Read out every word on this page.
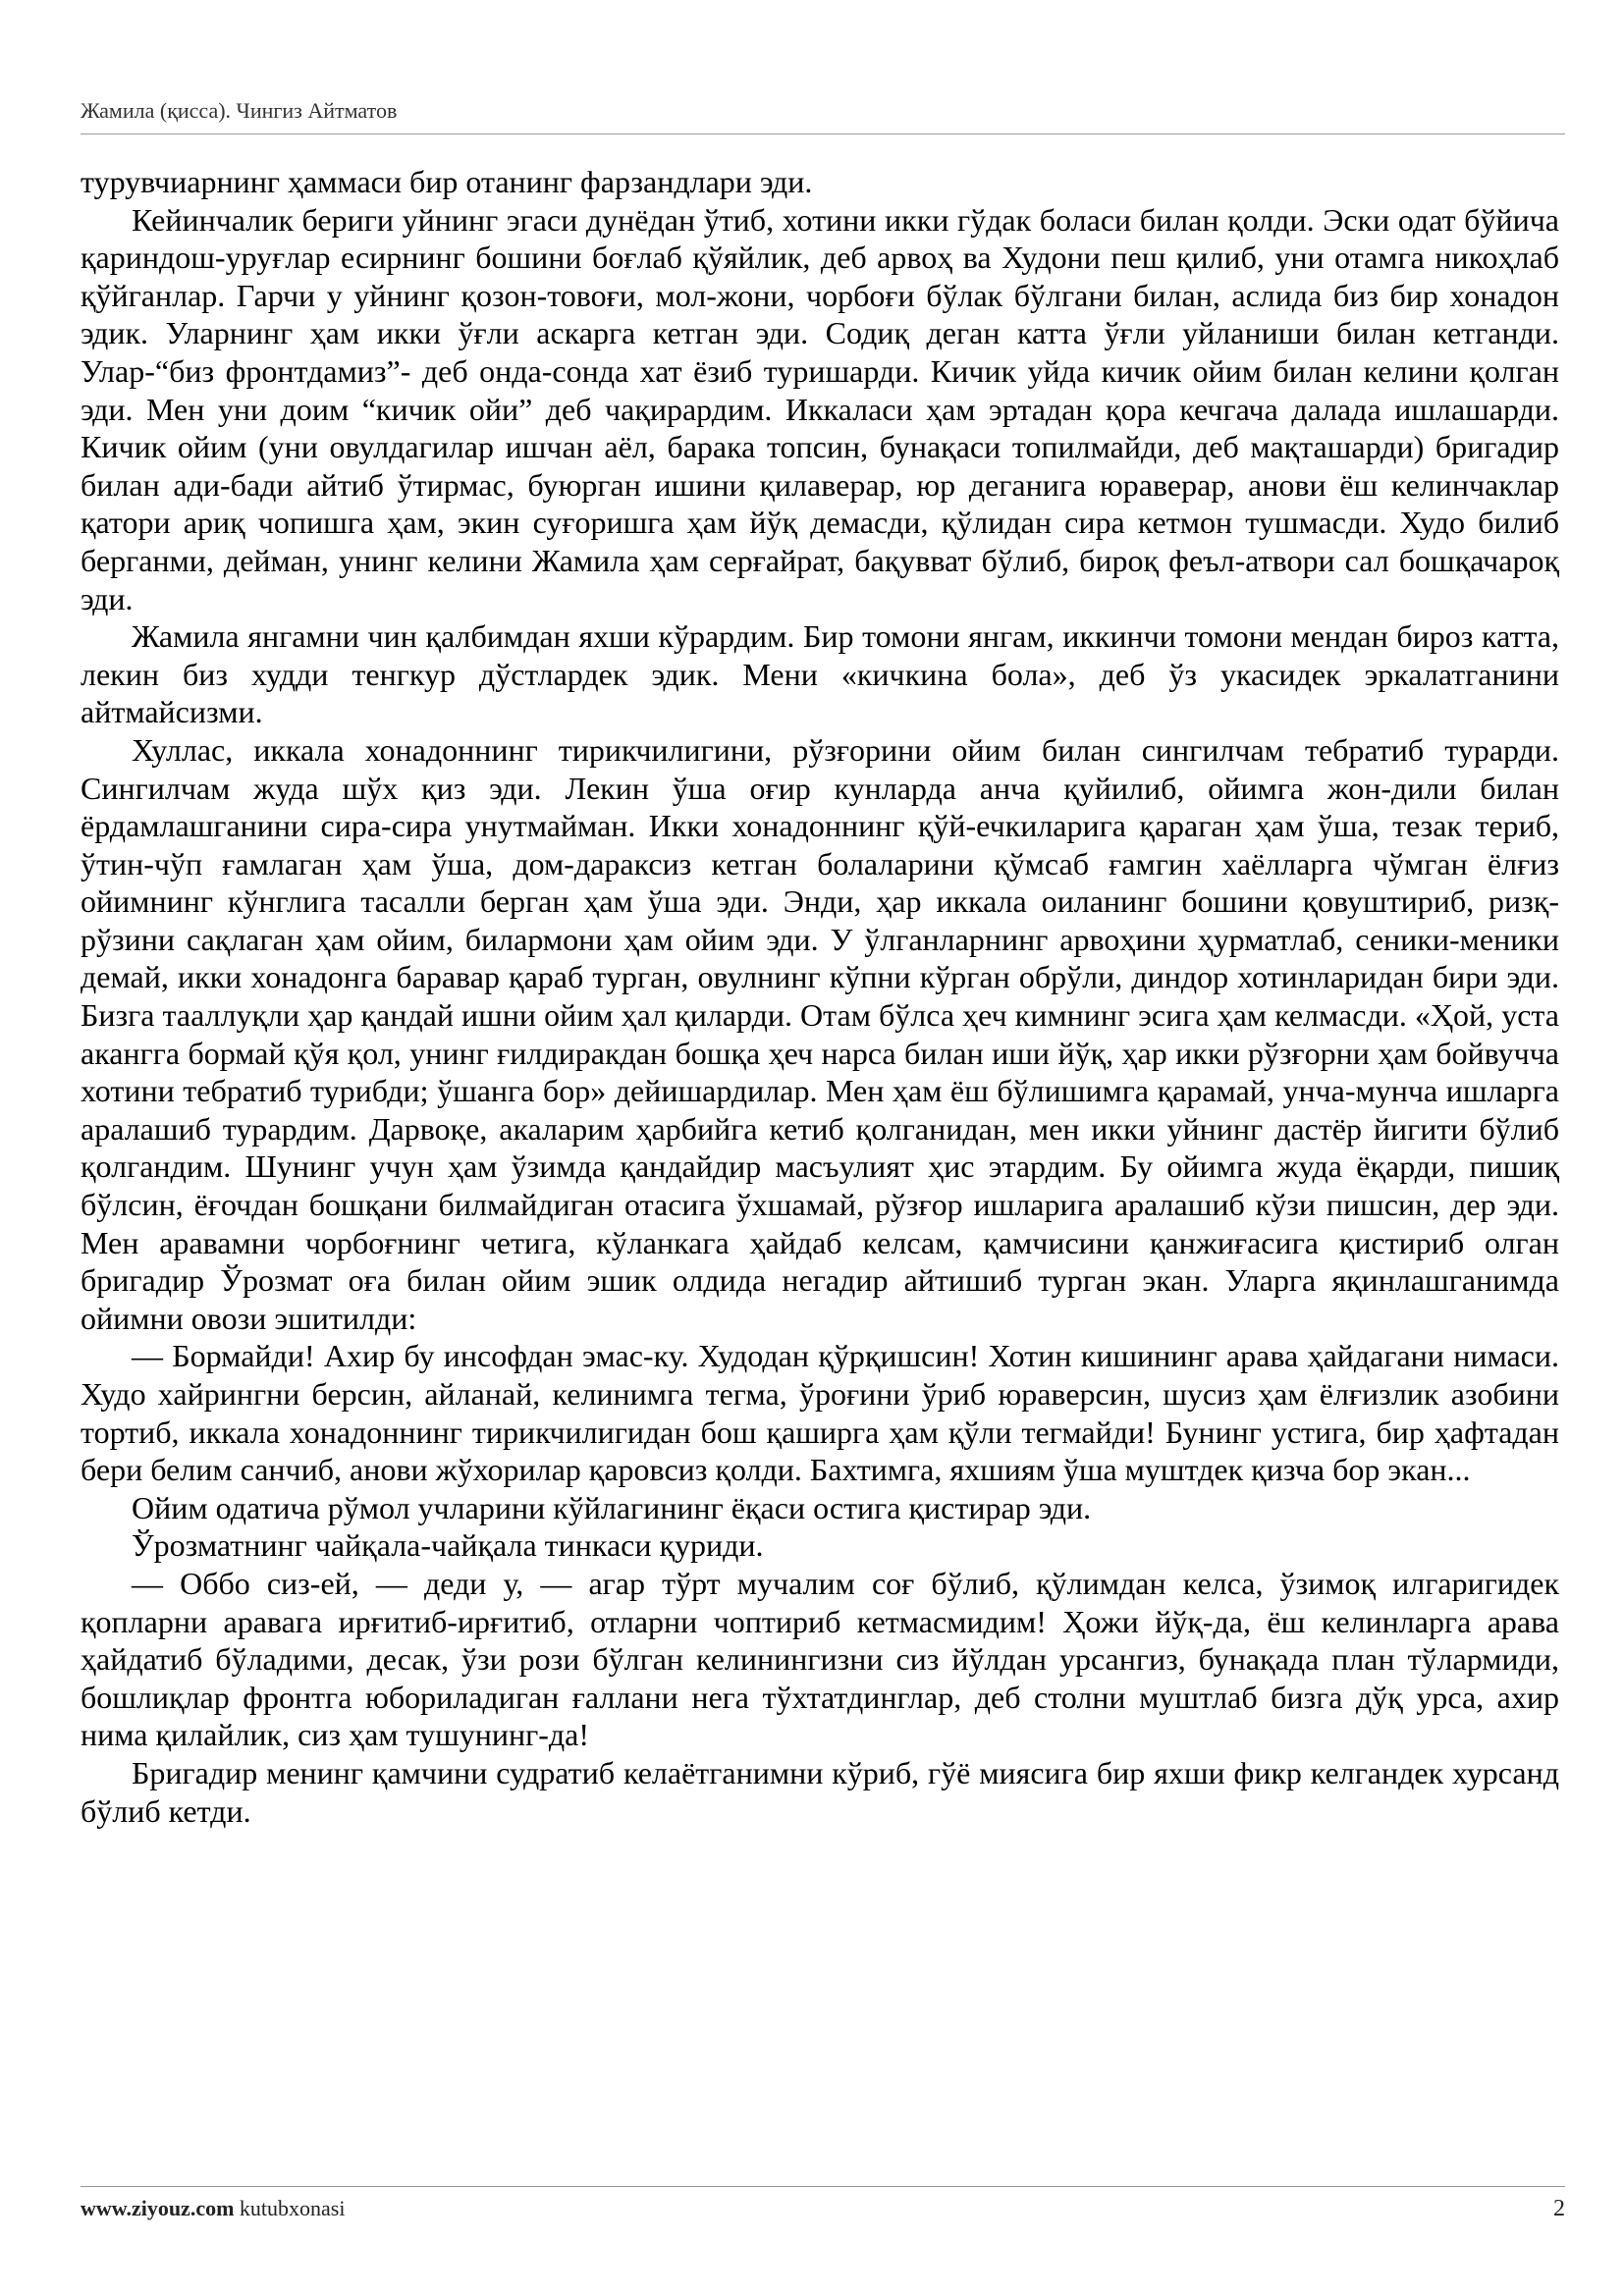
Жамила (қисса). Чингиз Айтматов

турувчиарнинг ҳаммаси бир отанинг фарзандлари эди.

Кейинчалик бериги уйнинг эгаси дунёдан ўтиб, хотини икки гўдак боласи билан қолди. Эски одат бўйича қариндош-уруғлар есирнинг бошини боғлаб қўяйлик, деб арвоҳ ва Худони пеш қилиб, уни отамга никоҳлаб қўйганлар. Гарчи у уйнинг қозон-товоғи, мол-жони, чорбоғи бўлак бўлгани билан, аслида биз бир хонадон эдик. Уларнинг ҳам икки ўғли аскарга кетган эди. Содиқ деган катта ўғли уйланиши билан кетганди. Улар-“биз фронтдамиз”- деб онда-сонда хат ёзиб туришарди. Кичик уйда кичик ойим билан келини қолган эди. Мен уни доим “кичик ойи” деб чақирардим. Иккаласи ҳам эртадан қора кечгача далада ишлашарди. Кичик ойим (уни овулдагилар ишчан аёл, барака топсин, бунақаси топилмайди, деб мақташарди) бригадир билан ади-бади айтиб ўтирмас, буюрган ишини қилаверар, юр деганига юраверар, анови ёш келинчаклар қатори ариқ чопишга ҳам, экин суғоришга ҳам йўқ демасди, қўлидан сира кетмон тушмасди. Худо билиб берганми, дейман, унинг келини Жамила ҳам серғайрат, бақувват бўлиб, бироқ феъл-атвори сал бошқачароқ эди.

Жамила янгамни чин қалбимдан яхши кўрардим. Бир томони янгам, иккинчи томони мендан бироз катта, лекин биз худди тенгкур дўстлардек эдик. Мени «кичкина бола», деб ўз укасидек эркалатганини айтмайсизми.

Хуллас, иккала хонадоннинг тирикчилигини, рўзғорини ойим билан сингилчам тебратиб турарди. Сингилчам жуда шўх қиз эди. Лекин ўша оғир кунларда анча қуйилиб, ойимга жон-дили билан ёрдамлашганини сира-сира унутмайман. Икки хонадоннинг қўй-ечкиларига қараган ҳам ўша, тезак териб, ўтин-чўп ғамлаган ҳам ўша, дом-дараксиз кетган болаларини қўмсаб ғамгин хаёлларга чўмган ёлғиз ойимнинг кўнглига тасалли берган ҳам ўша эди. Энди, ҳар иккала оиланинг бошини қовуштириб, ризқ-рўзини сақлаган ҳам ойим, билармони ҳам ойим эди. У ўлганларнинг арвоҳини ҳурматлаб, сеники-меники демай, икки хонадонга баравар қараб турган, овулнинг кўпни кўрган обрўли, диндор хотинларидан бири эди. Бизга тааллуқли ҳар қандай ишни ойим ҳал қиларди. Отам бўлса ҳеч кимнинг эсига ҳам келмасди. «Ҳой, уста акангга бормай қўя қол, унинг ғилдиракдан бошқа ҳеч нарса билан иши йўқ, ҳар икки рўзғорни ҳам бойвучча хотини тебратиб турибди; ўшанга бор» дейишардилар. Мен ҳам ёш бўлишимга қарамай, унча-мунча ишларга аралашиб турардим. Дарвоқе, акаларим ҳарбийга кетиб қолганидан, мен икки уйнинг дастёр йигити бўлиб қолгандим. Шунинг учун ҳам ўзимда қандайдир масъулият ҳис этардим. Бу ойимга жуда ёқарди, пишиқ бўлсин, ёғочдан бошқани билмайдиган отасига ўхшамай, рўзғор ишларига аралашиб кўзи пишсин, дер эди. Мен аравамни чорбоғнинг четига, кўланкага ҳайдаб келсам, қамчисини қанжиғасига қистириб олган бригадир Ўрозмат оға билан ойим эшик олдида негадир айтишиб турган экан. Уларга яқинлашганимда ойимни овози эшитилди:

— Бормайди! Ахир бу инсофдан эмас-ку. Худодан қўрқишсин! Хотин кишининг арава ҳайдагани нимаси. Худо хайрингни берсин, айланай, келинимга тегма, ўроғини ўриб юраверсин, шусиз ҳам ёлғизлик азобини тортиб, иккала хонадоннинг тирикчилигидан бош қаширга ҳам қўли тегмайди! Бунинг устига, бир ҳафтадан бери белим санчиб, анови жўхорилар қаровсиз қолди. Бахтимга, яхшиям ўша муштдек қизча бор экан...

Ойим одатича рўмол учларини кўйлагининг ёқаси остига қистирар эди.

Ўрозматнинг чайқала-чайқала тинкаси қуриди.

— Оббо сиз-ей, — деди у, — агар тўрт мучалим соғ бўлиб, қўлимдан келса, ўзимоқ илгаригидек қопларни аравага ирғитиб-ирғитиб, отларни чоптириб кетмасмидим! Ҳожи йўқ-да, ёш келинларга арава ҳайдатиб бўладими, десак, ўзи рози бўлган келинингизни сиз йўлдан урсангиз, бунақада план тўлармиди, бошлиқлар фронтга юбориладиган ғаллани нега тўхтатдинглар, деб столни муштлаб бизга дўқ урса, ахир нима қилайлик, сиз ҳам тушунинг-да!

Бригадир менинг қамчини судратиб келаётганимни кўриб, гўё миясига бир яхши фикр келгандек хурсанд бўлиб кетди.

www.ziyouz.com kutubxonasi	2
